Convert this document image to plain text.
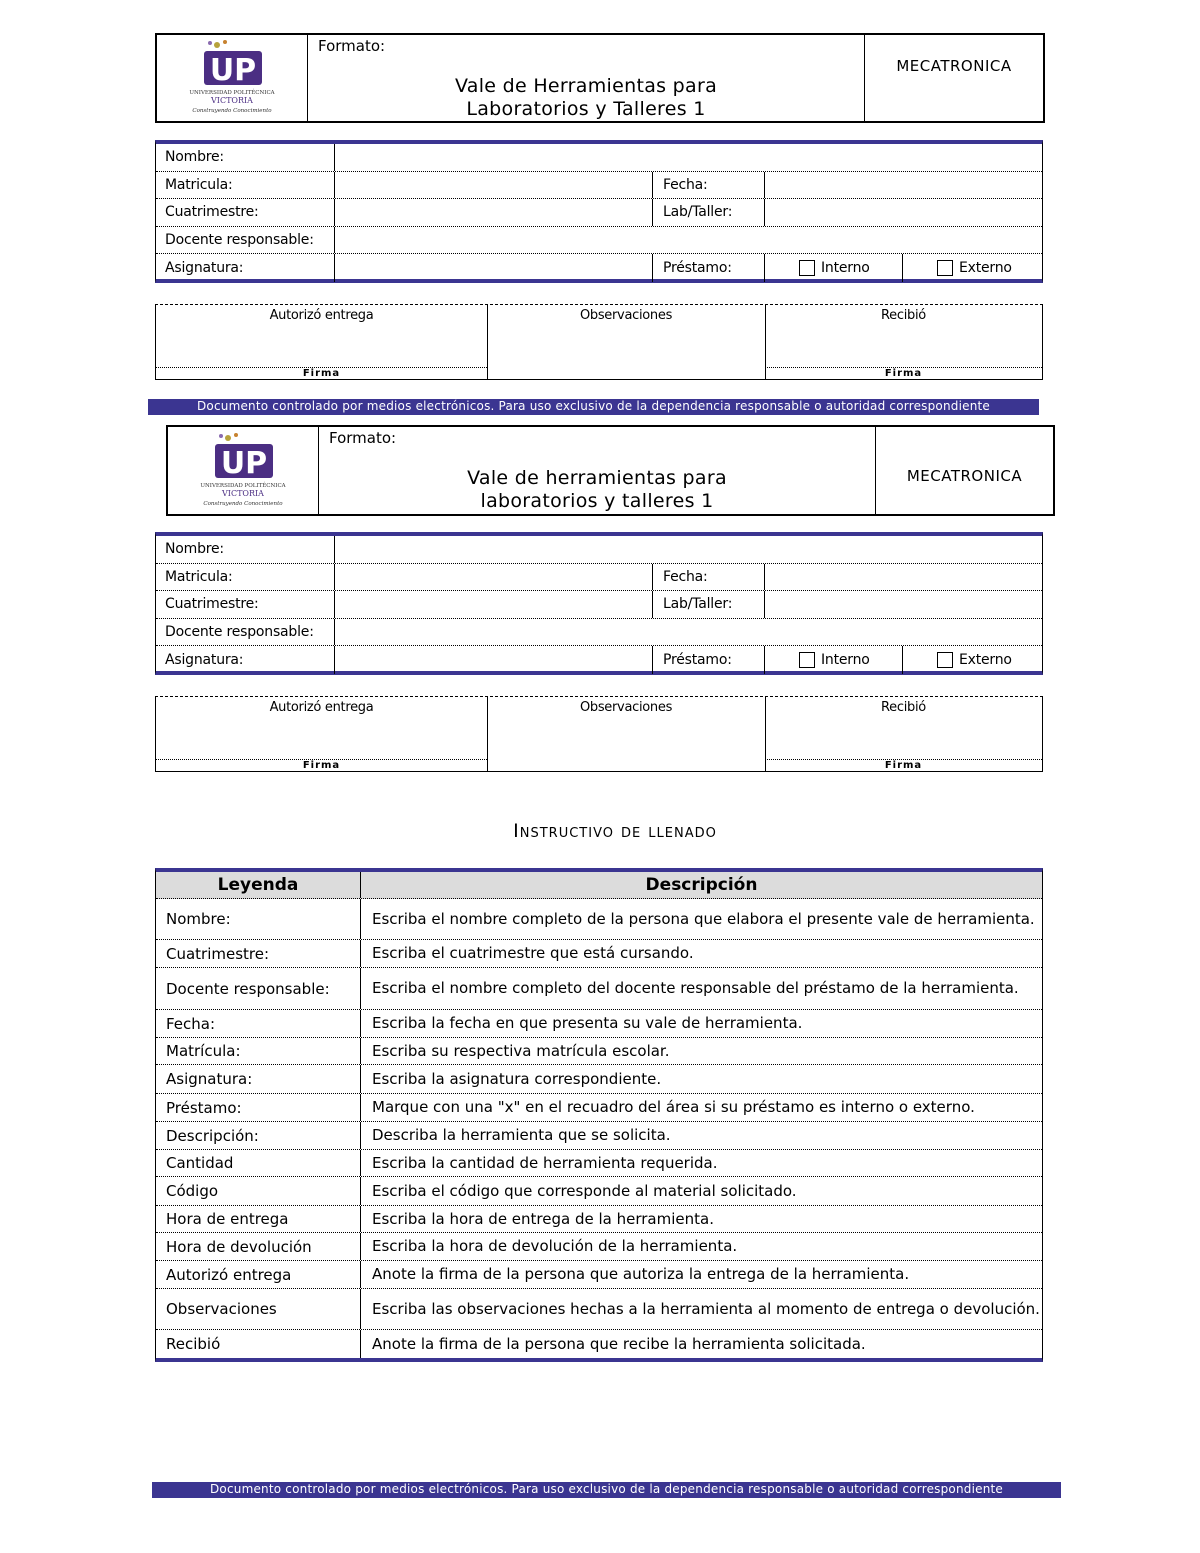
UP
UNIVERSIDAD POLITÉCNICA
VICTORIA
Construyendo Conocimiento
Formato:
Vale de Herramientas para Laboratorios y Talleres 1
MECATRONICA
Nombre:
Matricula:	Fecha:
Cuatrimestre:	Lab/Taller:
Docente responsable:
Asignatura:	Préstamo:	Interno	Externo
Autorizó entrega
Firma
Observaciones	Recibió
Firma
Documento controlado por medios electrónicos. Para uso exclusivo de la dependencia responsable o autoridad correspondiente
UP
UNIVERSIDAD POLITÉCNICA
VICTORIA
Construyendo Conocimiento
Formato:
Vale de herramientas para laboratorios y talleres 1
MECATRONICA
Nombre:
Matricula:	Fecha:
Cuatrimestre:	Lab/Taller:
Docente responsable:
Asignatura:	Préstamo:	Interno	Externo
Autorizó entrega
Firma
Observaciones	Recibió
Firma
Instructivo de llenado
Leyenda	Descripción
Nombre:	Escriba el nombre completo de la persona que elabora el presente vale de herramienta.
Cuatrimestre:	Escriba el cuatrimestre que está cursando.
Docente responsable:	Escriba el nombre completo del docente responsable del préstamo de la herramienta.
Fecha:	Escriba la fecha en que presenta su vale de herramienta.
Matrícula:	Escriba su respectiva matrícula escolar.
Asignatura:	Escriba la asignatura correspondiente.
Préstamo:	Marque con una "x" en el recuadro del área si su préstamo es interno o externo.
Descripción:	Describa la herramienta que se solicita.
Cantidad	Escriba la cantidad de herramienta requerida.
Código	Escriba el código que corresponde al material solicitado.
Hora de entrega	Escriba la hora de entrega de la herramienta.
Hora de devolución	Escriba la hora de devolución de la herramienta.
Autorizó entrega	Anote la firma de la persona que autoriza la entrega de la herramienta.
Observaciones	Escriba las observaciones hechas a la herramienta al momento de entrega o devolución.
Recibió	Anote la firma de la persona que recibe la herramienta solicitada.
Documento controlado por medios electrónicos. Para uso exclusivo de la dependencia responsable o autoridad correspondiente
